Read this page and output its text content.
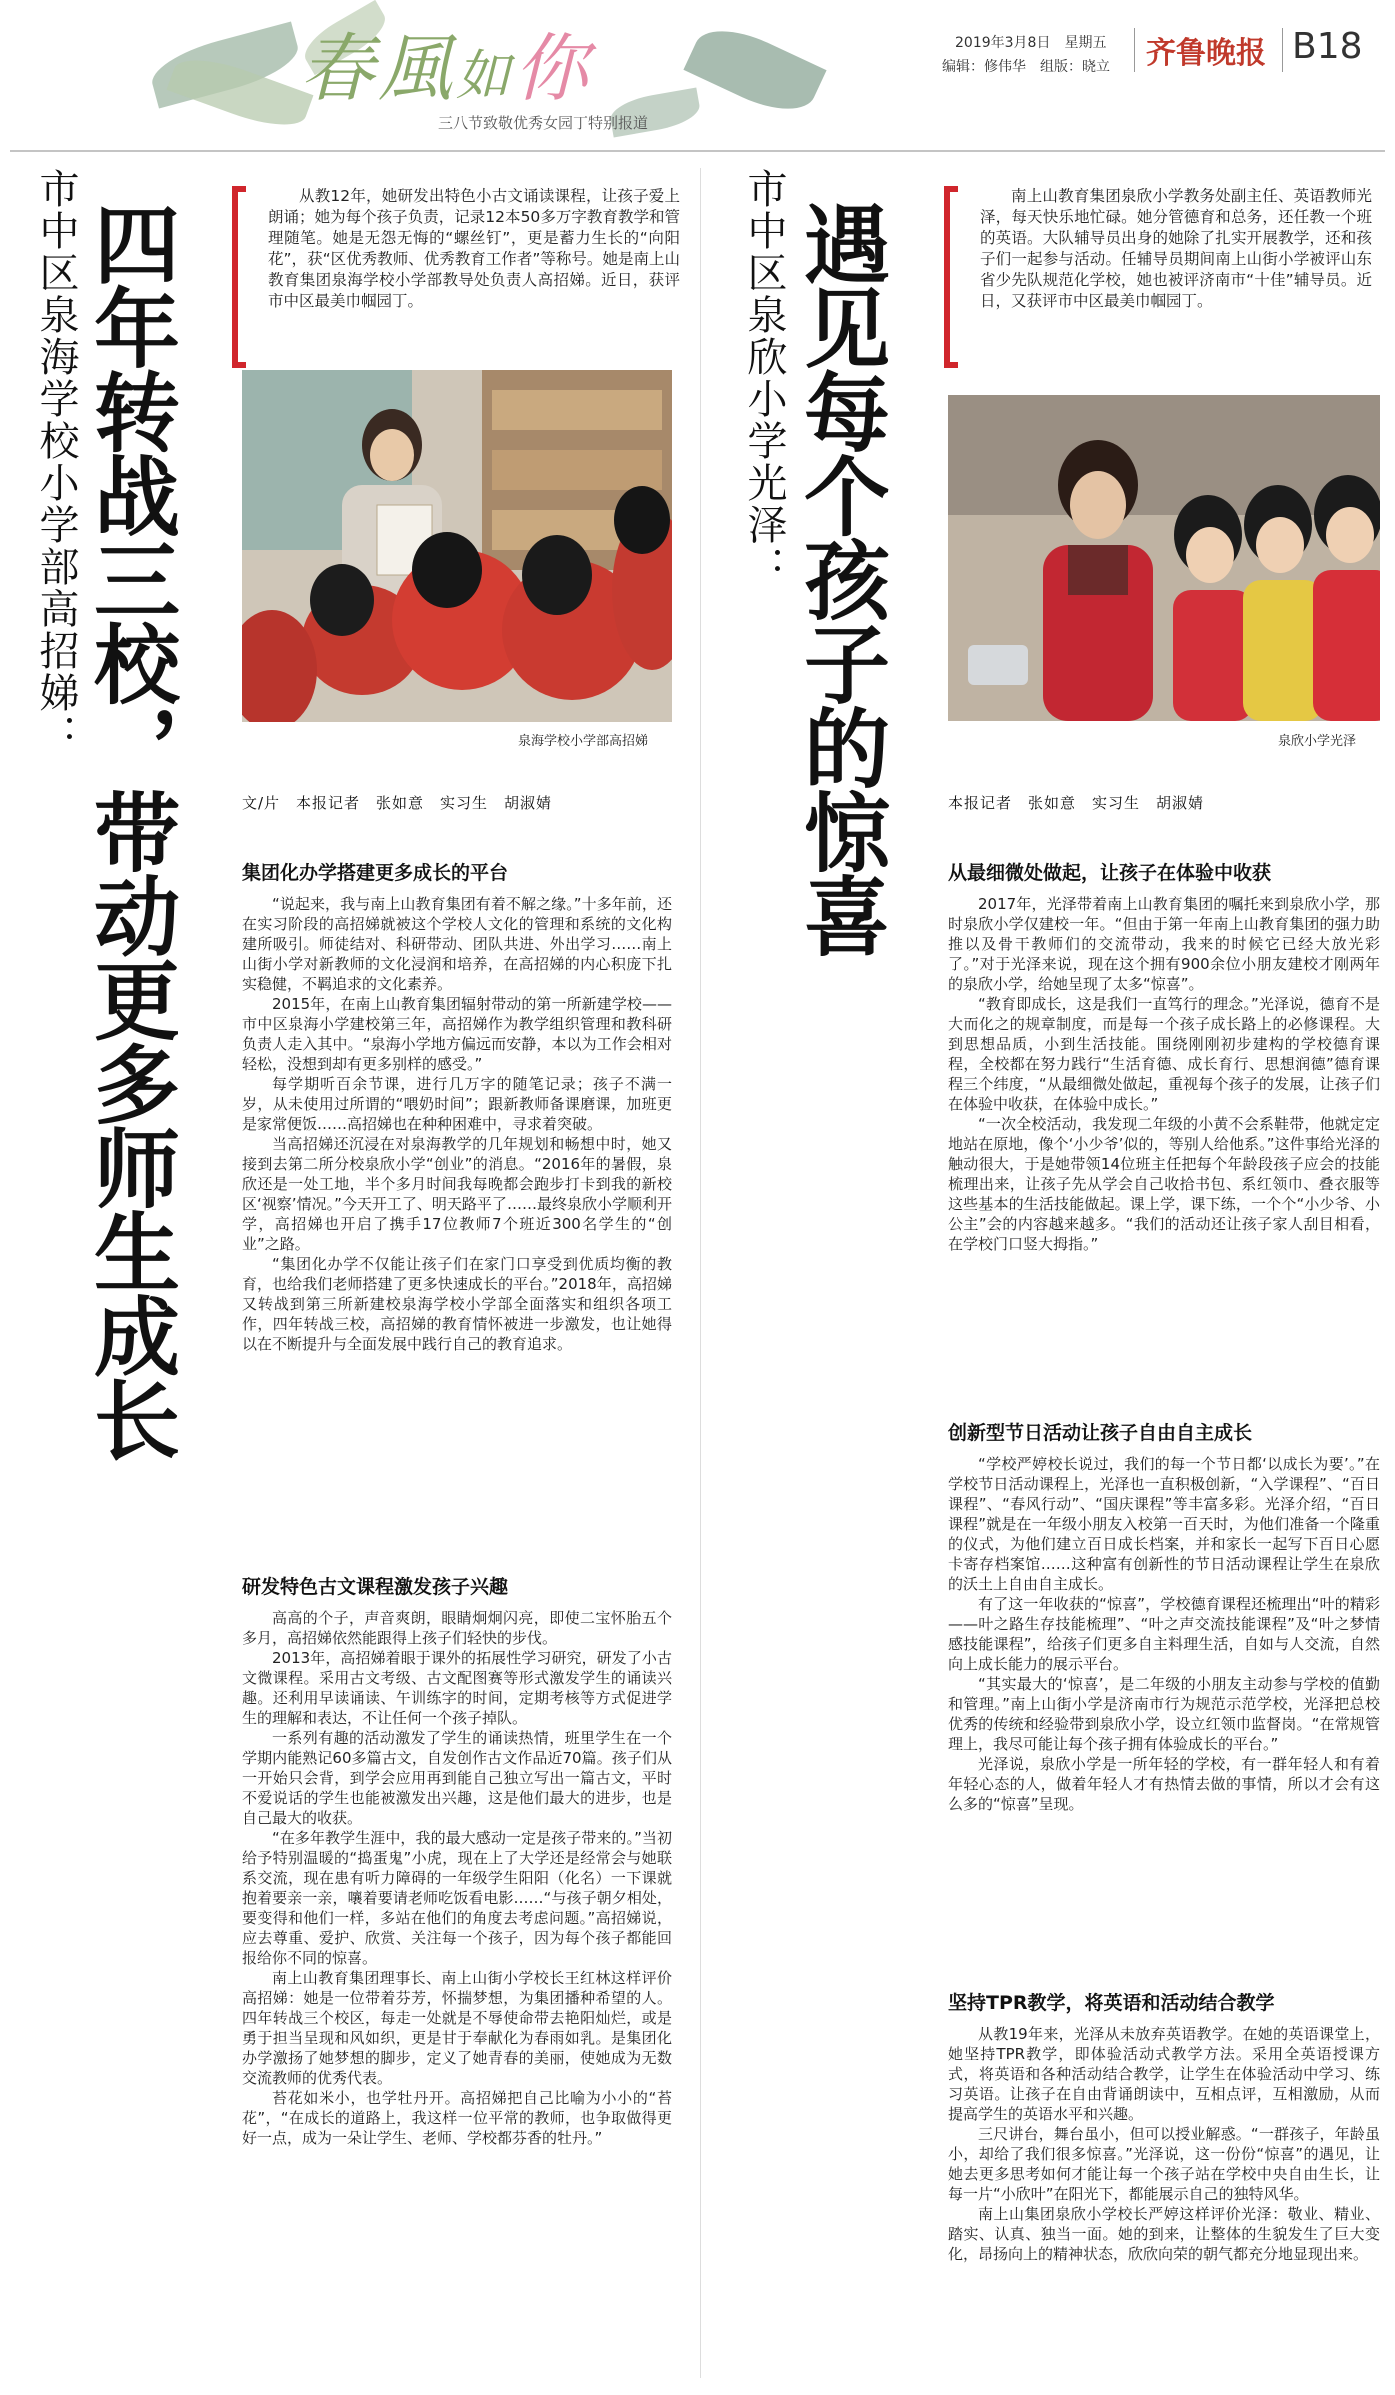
春風如你
三八节致敬优秀女园丁特别报道
2019年3月8日　星期五
编辑：修伟华　组版：晓立 齐鲁晚报 B18
市中区泉海学校小学部高招娣： 四年转战三校，带动更多师生成长
从教12年，她研发出特色小古文诵读课程，让孩子爱上朗诵；她为每个孩子负责，记录12本50多万字教育教学和管理随笔。她是无怨无悔的“螺丝钉”，更是蓄力生长的“向阳花”，获“区优秀教师、优秀教育工作者”等称号。她是南上山教育集团泉海学校小学部教导处负责人高招娣。近日，获评市中区最美巾帼园丁。
泉海学校小学部高招娣
文/片　本报记者　张如意　实习生　胡淑婧
集团化办学搭建更多成长的平台

“说起来，我与南上山教育集团有着不解之缘。”十多年前，还在实习阶段的高招娣就被这个学校人文化的管理和系统的文化构建所吸引。师徒结对、科研带动、团队共进、外出学习……南上山街小学对新教师的文化浸润和培养，在高招娣的内心积庞下扎实稳健，不羁追求的文化素养。

2015年，在南上山教育集团辐射带动的第一所新建学校——市中区泉海小学建校第三年，高招娣作为教学组织管理和教科研负责人走入其中。“泉海小学地方偏远而安静，本以为工作会相对轻松，没想到却有更多别样的感受。”

每学期听百余节课，进行几万字的随笔记录；孩子不满一岁，从未使用过所谓的“喂奶时间”；跟新教师备课磨课，加班更是家常便饭……高招娣也在种种困难中，寻求着突破。

当高招娣还沉浸在对泉海教学的几年规划和畅想中时，她又接到去第二所分校泉欣小学“创业”的消息。“2016年的暑假，泉欣还是一处工地，半个多月时间我每晚都会跑步打卡到我的新校区‘视察’情况。”今天开工了、明天路平了……最终泉欣小学顺利开学，高招娣也开启了携手17位教师7个班近300名学生的“创业”之路。

“集团化办学不仅能让孩子们在家门口享受到优质均衡的教育，也给我们老师搭建了更多快速成长的平台。”2018年，高招娣又转战到第三所新建校泉海学校小学部全面落实和组织各项工作，四年转战三校，高招娣的教育情怀被进一步激发，也让她得以在不断提升与全面发展中践行自己的教育追求。

研发特色古文课程激发孩子兴趣

高高的个子，声音爽朗，眼睛炯炯闪亮，即使二宝怀胎五个多月，高招娣依然能跟得上孩子们轻快的步伐。

2013年，高招娣着眼于课外的拓展性学习研究，研发了小古文微课程。采用古文考级、古文配图赛等形式激发学生的诵读兴趣。还利用早读诵读、午训练字的时间，定期考核等方式促进学生的理解和表达，不让任何一个孩子掉队。

一系列有趣的活动激发了学生的诵读热情，班里学生在一个学期内能熟记60多篇古文，自发创作古文作品近70篇。孩子们从一开始只会背，到学会应用再到能自己独立写出一篇古文，平时不爱说话的学生也能被激发出兴趣，这是他们最大的进步，也是自己最大的收获。

“在多年教学生涯中，我的最大感动一定是孩子带来的。”当初给予特别温暖的“捣蛋鬼”小虎，现在上了大学还是经常会与她联系交流，现在患有听力障碍的一年级学生阳阳（化名）一下课就抱着要亲一亲，嚷着要请老师吃饭看电影……“与孩子朝夕相处，要变得和他们一样，多站在他们的角度去考虑问题。”高招娣说，应去尊重、爱护、欣赏、关注每一个孩子，因为每个孩子都能回报给你不同的惊喜。

南上山教育集团理事长、南上山街小学校长王红林这样评价高招娣：她是一位带着芬芳，怀揣梦想，为集团播种希望的人。四年转战三个校区，每走一处就是不辱使命带去艳阳灿烂，或是勇于担当呈现和风如织，更是甘于奉献化为春雨如乳。是集团化办学激扬了她梦想的脚步，定义了她青春的美丽，使她成为无数交流教师的优秀代表。

苔花如米小，也学牡丹开。高招娣把自己比喻为小小的“苔花”，“在成长的道路上，我这样一位平常的教师，也争取做得更好一点，成为一朵让学生、老师、学校都芬香的牡丹。”

市中区泉欣小学光泽： 遇见每个孩子的惊喜
南上山教育集团泉欣小学教务处副主任、英语教师光泽，每天快乐地忙碌。她分管德育和总务，还任教一个班的英语。大队辅导员出身的她除了扎实开展教学，还和孩子们一起参与活动。任辅导员期间南上山街小学被评山东省少先队规范化学校，她也被评济南市“十佳”辅导员。近日，又获评市中区最美巾帼园丁。
泉欣小学光泽
本报记者　张如意　实习生　胡淑婧
从最细微处做起，让孩子在体验中收获

2017年，光泽带着南上山教育集团的嘱托来到泉欣小学，那时泉欣小学仅建校一年。“但由于第一年南上山教育集团的强力助推以及骨干教师们的交流带动，我来的时候它已经大放光彩了。”对于光泽来说，现在这个拥有900余位小朋友建校才刚两年的泉欣小学，给她呈现了太多“惊喜”。

“教育即成长，这是我们一直笃行的理念。”光泽说，德育不是大而化之的规章制度，而是每一个孩子成长路上的必修课程。大到思想品质，小到生活技能。围绕刚刚初步建构的学校德育课程，全校都在努力践行“生活育德、成长育行、思想润德”德育课程三个纬度，“从最细微处做起，重视每个孩子的发展，让孩子们在体验中收获，在体验中成长。”

“一次全校活动，我发现二年级的小黄不会系鞋带，他就定定地站在原地，像个‘小少爷’似的，等别人给他系。”这件事给光泽的触动很大，于是她带领14位班主任把每个年龄段孩子应会的技能梳理出来，让孩子先从学会自己收拾书包、系红领巾、叠衣服等这些基本的生活技能做起。课上学，课下练，一个个“小少爷、小公主”会的内容越来越多。“我们的活动还让孩子家人刮目相看，在学校门口竖大拇指。”

创新型节日活动让孩子自由自主成长

“学校严婷校长说过，我们的每一个节日都‘以成长为要’。”在学校节日活动课程上，光泽也一直积极创新，“入学课程”、“百日课程”、“春风行动”、“国庆课程”等丰富多彩。光泽介绍，“百日课程”就是在一年级小朋友入校第一百天时，为他们准备一个隆重的仪式，为他们建立百日成长档案，并和家长一起写下百日心愿卡寄存档案馆……这种富有创新性的节日活动课程让学生在泉欣的沃土上自由自主成长。

有了这一年收获的“惊喜”，学校德育课程还梳理出“叶的精彩——叶之路生存技能梳理”、“叶之声交流技能课程”及“叶之梦情感技能课程”，给孩子们更多自主料理生活，自如与人交流，自然向上成长能力的展示平台。

“其实最大的‘惊喜’，是二年级的小朋友主动参与学校的值勤和管理。”南上山街小学是济南市行为规范示范学校，光泽把总校优秀的传统和经验带到泉欣小学，设立红领巾监督岗。“在常规管理上，我尽可能让每个孩子拥有体验成长的平台。”

光泽说，泉欣小学是一所年轻的学校，有一群年轻人和有着年轻心态的人，做着年轻人才有热情去做的事情，所以才会有这么多的“惊喜”呈现。

坚持TPR教学，将英语和活动结合教学

从教19年来，光泽从未放弃英语教学。在她的英语课堂上，她坚持TPR教学，即体验活动式教学方法。采用全英语授课方式，将英语和各种活动结合教学，让学生在体验活动中学习、练习英语。让孩子在自由背诵朗读中，互相点评，互相激励，从而提高学生的英语水平和兴趣。

三尺讲台，舞台虽小，但可以授业解惑。“一群孩子，年龄虽小，却给了我们很多惊喜。”光泽说，这一份份“惊喜”的遇见，让她去更多思考如何才能让每一个孩子站在学校中央自由生长，让每一片“小欣叶”在阳光下，都能展示自己的独特风华。

南上山集团泉欣小学校长严婷这样评价光泽：敬业、精业、踏实、认真、独当一面。她的到来，让整体的生貌发生了巨大变化，昂扬向上的精神状态，欣欣向荣的朝气都充分地显现出来。
